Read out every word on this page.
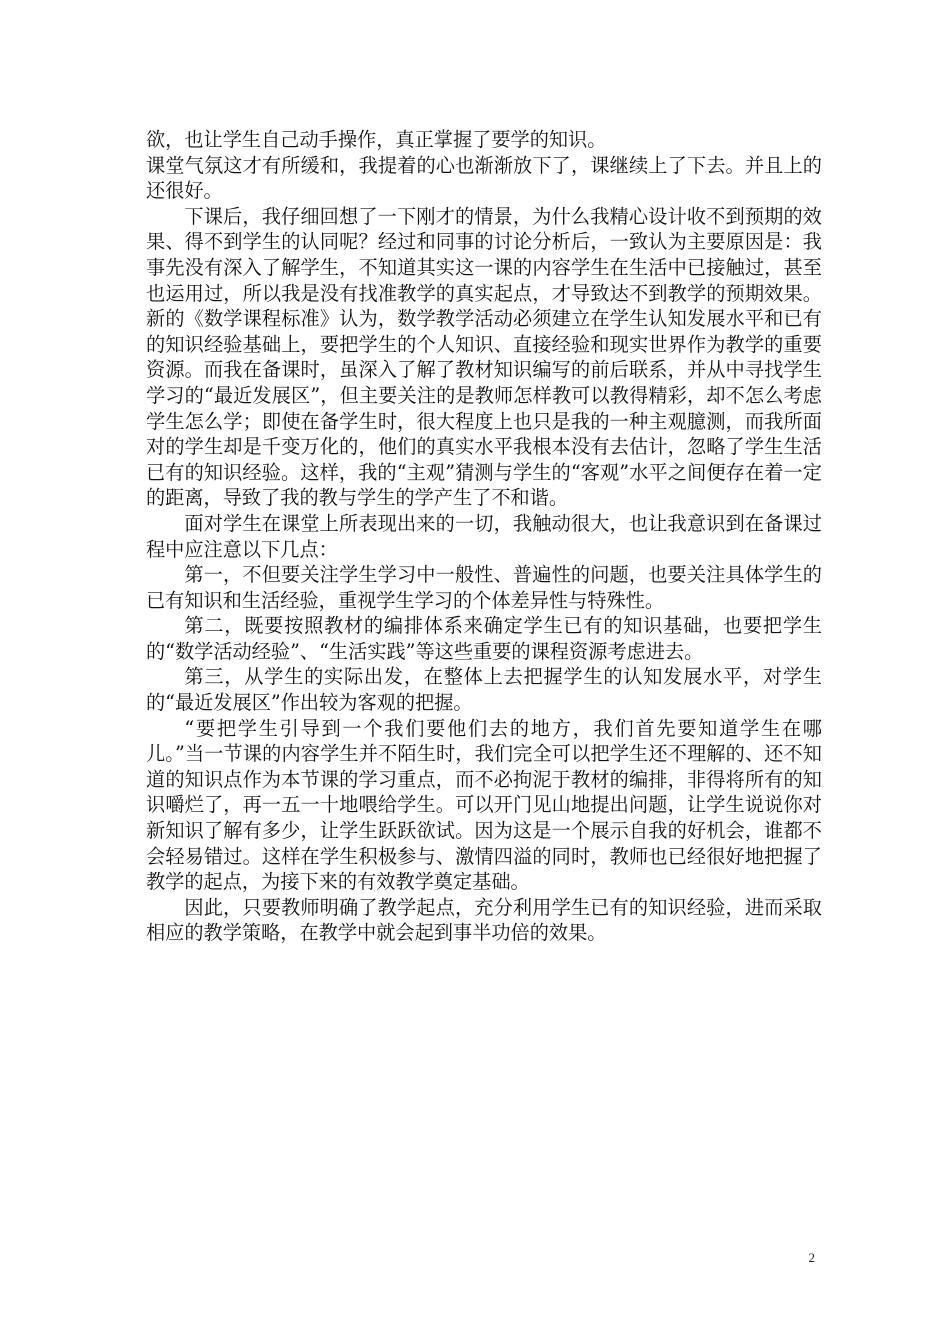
欲，也让学生自己动手操作，真正掌握了要学的知识。

课堂气氛这才有所缓和，我提着的心也渐渐放下了，课继续上了下去。并且上的还很好。

下课后，我仔细回想了一下刚才的情景，为什么我精心设计收不到预期的效果、得不到学生的认同呢？经过和同事的讨论分析后，一致认为主要原因是：我事先没有深入了解学生，不知道其实这一课的内容学生在生活中已接触过，甚至也运用过，所以我是没有找准教学的真实起点，才导致达不到教学的预期效果。新的《数学课程标准》认为，数学教学活动必须建立在学生认知发展水平和已有的知识经验基础上，要把学生的个人知识、直接经验和现实世界作为教学的重要资源。而我在备课时，虽深入了解了教材知识编写的前后联系，并从中寻找学生学习的“最近发展区”，但主要关注的是教师怎样教可以教得精彩，却不怎么考虑学生怎么学；即使在备学生时，很大程度上也只是我的一种主观臆测，而我所面对的学生却是千变万化的，他们的真实水平我根本没有去估计，忽略了学生生活已有的知识经验。这样，我的“主观”猜测与学生的“客观”水平之间便存在着一定的距离，导致了我的教与学生的学产生了不和谐。

面对学生在课堂上所表现出来的一切，我触动很大，也让我意识到在备课过程中应注意以下几点：

第一，不但要关注学生学习中一般性、普遍性的问题，也要关注具体学生的已有知识和生活经验，重视学生学习的个体差异性与特殊性。

第二，既要按照教材的编排体系来确定学生已有的知识基础，也要把学生的“数学活动经验”、“生活实践”等这些重要的课程资源考虑进去。

第三，从学生的实际出发，在整体上去把握学生的认知发展水平，对学生的“最近发展区”作出较为客观的把握。

“要把学生引导到一个我们要他们去的地方，我们首先要知道学生在哪儿。”当一节课的内容学生并不陌生时，我们完全可以把学生还不理解的、还不知道的知识点作为本节课的学习重点，而不必拘泥于教材的编排，非得将所有的知识嚼烂了，再一五一十地喂给学生。可以开门见山地提出问题，让学生说说你对新知识了解有多少，让学生跃跃欲试。因为这是一个展示自我的好机会，谁都不会轻易错过。这样在学生积极参与、激情四溢的同时，教师也已经很好地把握了教学的起点，为接下来的有效教学奠定基础。

因此，只要教师明确了教学起点，充分利用学生已有的知识经验，进而采取相应的教学策略，在教学中就会起到事半功倍的效果。

2
